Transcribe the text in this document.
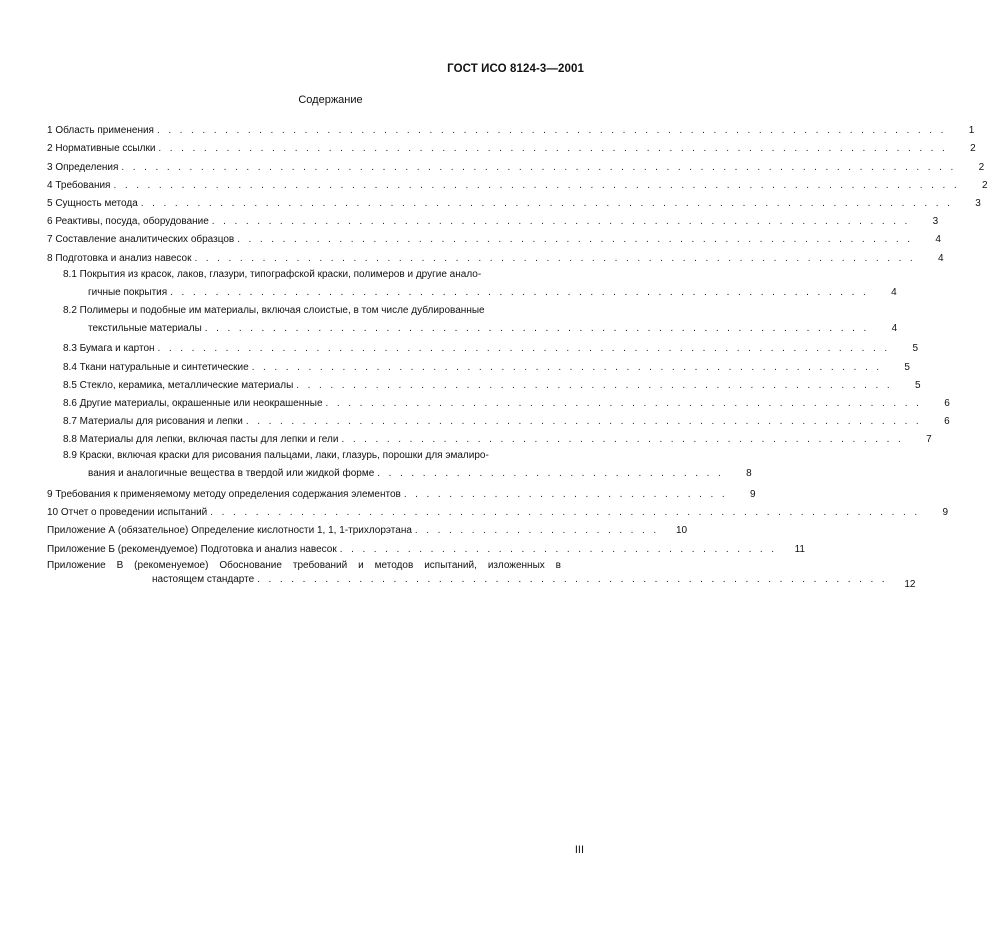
ГОСТ ИСО 8124-3—2001
Содержание
1 Область применения . . . . . . . . . . . . . . . . . . . . . . . . . . . . . . . . . . . . . . . . . . . . . . . . . . . . . . . . . . . . . . . . . . . . . .	1
2 Нормативные ссылки . . . . . . . . . . . . . . . . . . . . . . . . . . . . . . . . . . . . . . . . . . . . . . . . . . . . . . . . . . . . . . . . . . . . . .	2
3 Определения . . . . . . . . . . . . . . . . . . . . . . . . . . . . . . . . . . . . . . . . . . . . . . . . . . . . . . . . . . . . . . . . . . . . . . . . . .	2
4 Требования . . . . . . . . . . . . . . . . . . . . . . . . . . . . . . . . . . . . . . . . . . . . . . . . . . . . . . . . . . . . . . . . . . . . . . . . . . .	2
5 Сущность метода . . . . . . . . . . . . . . . . . . . . . . . . . . . . . . . . . . . . . . . . . . . . . . . . . . . . . . . . . . . . . . . . . . . . . . . .	3
6 Реактивы, посуда, оборудование . . . . . . . . . . . . . . . . . . . . . . . . . . . . . . . . . . . . . . . . . . . . . . . . . . . . . . . . . . . . . .	3
7 Составление аналитических образцов . . . . . . . . . . . . . . . . . . . . . . . . . . . . . . . . . . . . . . . . . . . . . . . . . . . . . . . . . . . .	4
8 Подготовка и анализ навесок . . . . . . . . . . . . . . . . . . . . . . . . . . . . . . . . . . . . . . . . . . . . . . . . . . . . . . . . . . . . . . . .	4
8.1 Покрытия из красок, лаков, глазури, типографской краски, полимеров и другие анало-
гичные покрытия . . . . . . . . . . . . . . . . . . . . . . . . . . . . . . . . . . . . . . . . . . . . . . . . . . . . . . . . . . . . . .	4
8.2 Полимеры и подобные им материалы, включая слоистые, в том числе дублированные
текстильные материалы . . . . . . . . . . . . . . . . . . . . . . . . . . . . . . . . . . . . . . . . . . . . . . . . . . . . . . . . . . .	4
8.3 Бумага и картон . . . . . . . . . . . . . . . . . . . . . . . . . . . . . . . . . . . . . . . . . . . . . . . . . . . . . . . . . . . . . . . . .	5
8.4 Ткани натуральные и синтетические . . . . . . . . . . . . . . . . . . . . . . . . . . . . . . . . . . . . . . . . . . . . . . . . . . . . . . . .	5
8.5 Стекло, керамика, металлические материалы . . . . . . . . . . . . . . . . . . . . . . . . . . . . . . . . . . . . . . . . . . . . . . . . . . . . .	5
8.6 Другие материалы, окрашенные или неокрашенные . . . . . . . . . . . . . . . . . . . . . . . . . . . . . . . . . . . . . . . . . . . . . . . . . . . . .	6
8.7 Материалы для рисования и лепки . . . . . . . . . . . . . . . . . . . . . . . . . . . . . . . . . . . . . . . . . . . . . . . . . . . . . . . . . . . .	6
8.8 Материалы для лепки, включая пасты для лепки и гели . . . . . . . . . . . . . . . . . . . . . . . . . . . . . . . . . . . . . . . . . . . . . . . . . .	7
8.9 Краски, включая краски для рисования пальцами, лаки, глазурь, порошки для эмалиро-
вания и аналогичные вещества в твердой или жидкой форме . . . . . . . . . . . . . . . . . . . . . . . . . . . . . . .	8
9 Требования к применяемому методу определения содержания элементов . . . . . . . . . . . . . . . . . . . . . . . . . . . . .	9
10 Отчет о проведении испытаний . . . . . . . . . . . . . . . . . . . . . . . . . . . . . . . . . . . . . . . . . . . . . . . . . . . . . . . . . . . . . . .	9
Приложение А (обязательное) Определение кислотности 1, 1, 1-трихлорэтана . . . . . . . . . . . . . . . . . . . . . .	10
Приложение Б (рекомендуемое) Подготовка и анализ навесок . . . . . . . . . . . . . . . . . . . . . . . . . . . . . . . . . . . . . . .	11
Приложение В (рекоменуемое) Обоснование требований и методов испытаний, изложенных в
настоящем стандарте . . . . . . . . . . . . . . . . . . . . . . . . . . . . . . . . . . . . . . . . . . . . . . . . . . . . . . . .	12
III
